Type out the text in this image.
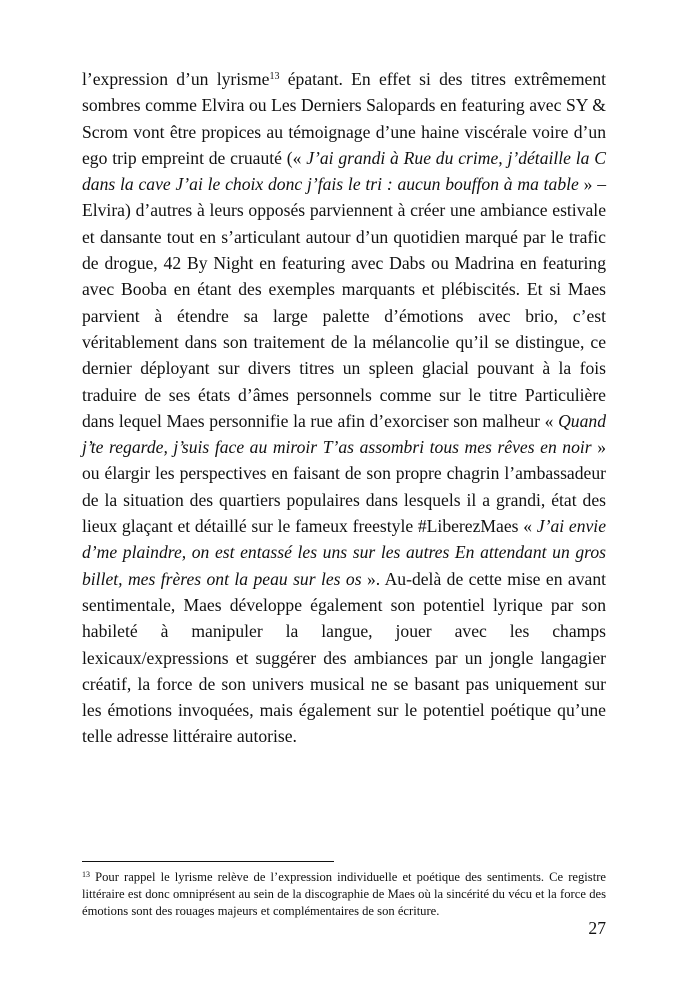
l’expression d’un lyrisme$^{13}$ épatant. En effet si des titres extrêmement sombres comme Elvira ou Les Derniers Salopards en featuring avec SY & Scrom vont être propices au témoignage d’une haine viscérale voire d’un ego trip empreint de cruauté (« J’ai grandi à Rue du crime, j’détaille la C dans la cave J’ai le choix donc j’fais le tri : aucun bouffon à ma table » – Elvira) d’autres à leurs opposés parviennent à créer une ambiance estivale et dansante tout en s’articulant autour d’un quotidien marqué par le trafic de drogue, 42 By Night en featuring avec Dabs ou Madrina en featuring avec Booba en étant des exemples marquants et plébiscités. Et si Maes parvient à étendre sa large palette d’émotions avec brio, c’est véritablement dans son traitement de la mélancolie qu’il se distingue, ce dernier déployant sur divers titres un spleen glacial pouvant à la fois traduire de ses états d’âmes personnels comme sur le titre Particulière dans lequel Maes personnifie la rue afin d’exorciser son malheur « Quand j’te regarde, j’suis face au miroir T’as assombri tous mes rêves en noir » ou élargir les perspectives en faisant de son propre chagrin l’ambassadeur de la situation des quartiers populaires dans lesquels il a grandi, état des lieux glaçant et détaillé sur le fameux freestyle #LiberezMaes « J’ai envie d’me plaindre, on est entassé les uns sur les autres En attendant un gros billet, mes frères ont la peau sur les os ». Au-delà de cette mise en avant sentimentale, Maes développe également son potentiel lyrique par son habileté à manipuler la langue, jouer avec les champs lexicaux/expressions et suggérer des ambiances par un jongle langagier créatif, la force de son univers musical ne se basant pas uniquement sur les émotions invoquées, mais également sur le potentiel poétique qu’une telle adresse littéraire autorise.

$^{13}$ Pour rappel le lyrisme relève de l’expression individuelle et poétique des sentiments. Ce registre littéraire est donc omniprésent au sein de la discographie de Maes où la sincérité du vécu et la force des émotions sont des rouages majeurs et complémentaires de son écriture.

27
